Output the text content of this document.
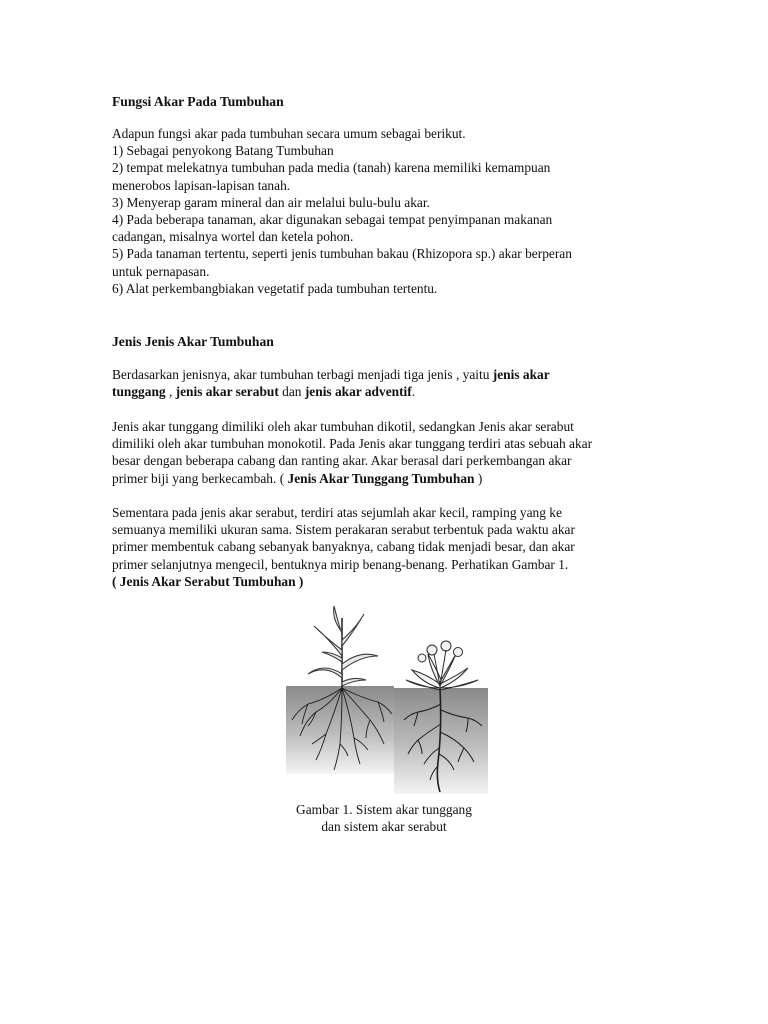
Fungsi Akar Pada Tumbuhan
Adapun fungsi akar pada tumbuhan secara umum sebagai berikut.
1) Sebagai penyokong Batang Tumbuhan
2) tempat melekatnya tumbuhan pada media (tanah) karena memiliki kemampuan
menerobos lapisan-lapisan tanah.
3) Menyerap garam mineral dan air melalui bulu-bulu akar.
4) Pada beberapa tanaman, akar digunakan sebagai tempat penyimpanan makanan
cadangan, misalnya wortel dan ketela pohon.
5) Pada tanaman tertentu, seperti jenis tumbuhan bakau (Rhizopora sp.) akar berperan
untuk pernapasan.
6) Alat perkembangbiakan vegetatif pada tumbuhan tertentu.
Jenis Jenis Akar Tumbuhan
Berdasarkan jenisnya, akar tumbuhan terbagi menjadi tiga jenis , yaitu jenis akar
tunggang , jenis akar serabut dan jenis akar adventif.
Jenis akar tunggang dimiliki oleh akar tumbuhan dikotil, sedangkan Jenis akar serabut
dimiliki oleh akar tumbuhan monokotil. Pada Jenis akar tunggang terdiri atas sebuah akar
besar dengan beberapa cabang dan ranting akar. Akar berasal dari perkembangan akar
primer biji yang berkecambah. ( Jenis Akar Tunggang Tumbuhan )
Sementara pada jenis akar serabut, terdiri atas sejumlah akar kecil, ramping yang ke
semuanya memiliki ukuran sama. Sistem perakaran serabut terbentuk pada waktu akar
primer membentuk cabang sebanyak banyaknya, cabang tidak menjadi besar, dan akar
primer selanjutnya mengecil, bentuknya mirip benang-benang. Perhatikan Gambar 1.
( Jenis Akar Serabut Tumbuhan )

Gambar 1. Sistem akar tunggang
dan sistem akar serabut
